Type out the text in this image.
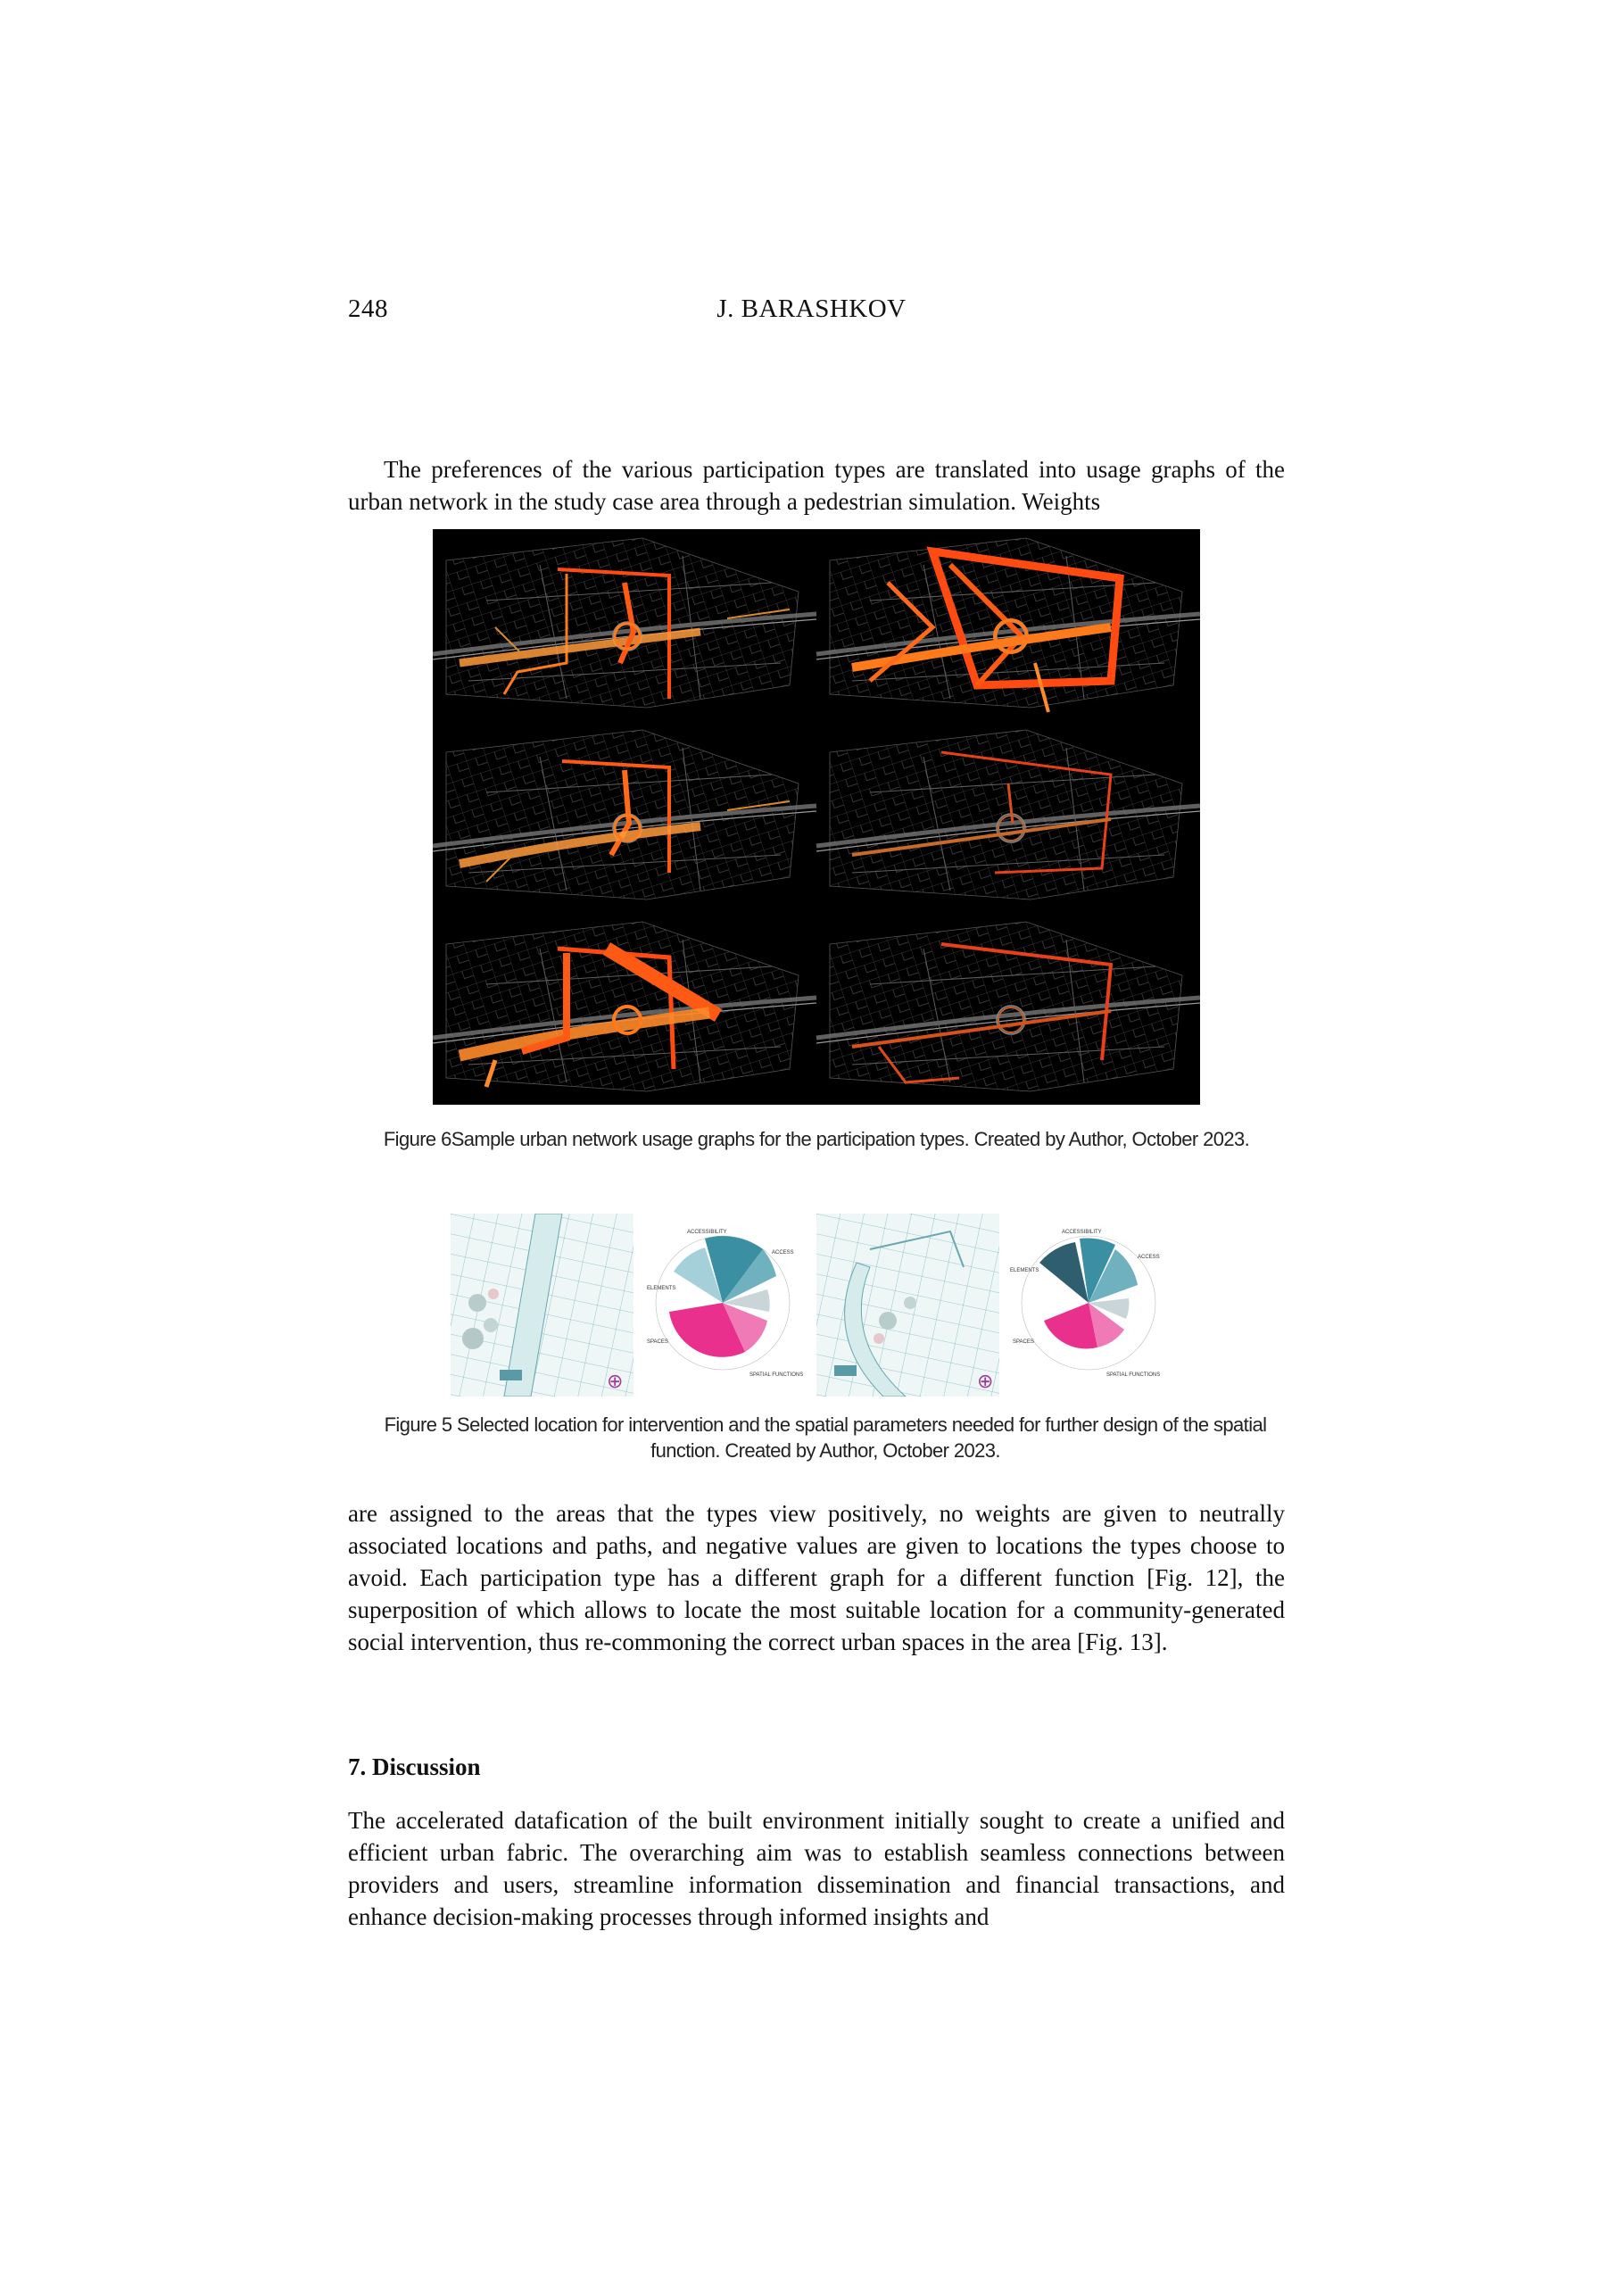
248	J. BARASHKOV
The preferences of the various participation types are translated into usage graphs of the urban network in the study case area through a pedestrian simulation. Weights
Figure 6Sample urban network usage graphs for the participation types. Created by Author, October 2023.
⊕
ACCESSIBILITY
ACCESS
ELEMENTS
SPACES
SPATIAL FUNCTIONS	⊕
ACCESSIBILITY
ACCESS
ELEMENTS
SPACES
SPATIAL FUNCTIONS
Figure 5 Selected location for intervention and the spatial parameters needed for further design of the spatial function. Created by Author, October 2023.
are assigned to the areas that the types view positively, no weights are given to neutrally associated locations and paths, and negative values are given to locations the types choose to avoid. Each participation type has a different graph for a different function [Fig. 12], the superposition of which allows to locate the most suitable location for a community-generated social intervention, thus re-commoning the correct urban spaces in the area [Fig. 13].
7. Discussion
The accelerated datafication of the built environment initially sought to create a unified and efficient urban fabric. The overarching aim was to establish seamless connections between providers and users, streamline information dissemination and financial transactions, and enhance decision-making processes through informed insights and
